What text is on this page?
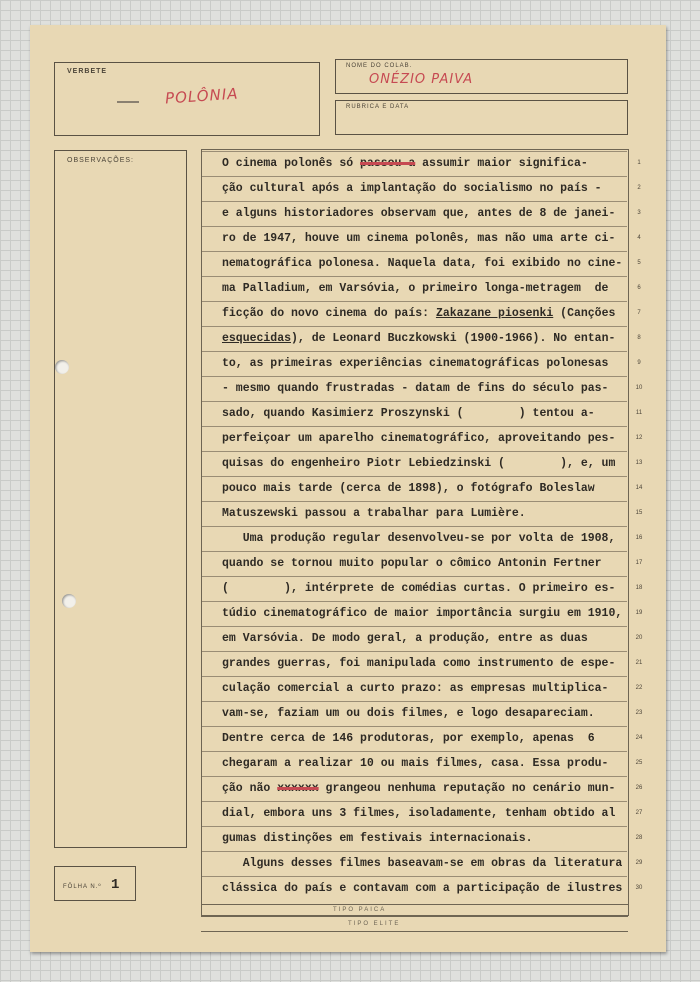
VERBETE
POLÔNIA
NOME DO COLAB.
ONÉZIO PAIVA
RUBRICA E DATA
OBSERVAÇÕES:
FÔLHA N.º 1
O cinema polonês só passou a assumir maior significa-	1
ção cultural após a implantação do socialismo no país -	2
e alguns historiadores observam que, antes de 8 de janei-	3
ro de 1947, houve um cinema polonês, mas não uma arte ci-	4
nematográfica polonesa. Naquela data, foi exibido no cine-	5
ma Palladium, em Varsóvia, o primeiro longa-metragem  de	6
ficção do novo cinema do país: Zakazane piosenki (Canções	7
esquecidas), de Leonard Buczkowski (1900-1966). No entan-	8
to, as primeiras experiências cinematográficas polonesas	9
- mesmo quando frustradas - datam de fins do século pas-	10
sado, quando Kasimierz Proszynski (        ) tentou a-	11
perfeiçoar um aparelho cinematográfico, aproveitando pes-	12
quisas do engenheiro Piotr Lebiedzinski (        ), e, um	13
pouco mais tarde (cerca de 1898), o fotógrafo Boleslaw	14
Matuszewski passou a trabalhar para Lumière.	15
Uma produção regular desenvolveu-se por volta de 1908,	16
quando se tornou muito popular o cômico Antonin Fertner	17
(        ), intérprete de comédias curtas. O primeiro es-	18
túdio cinematográfico de maior importância surgiu em 1910,	19
em Varsóvia. De modo geral, a produção, entre as duas	20
grandes guerras, foi manipulada como instrumento de espe-	21
culação comercial a curto prazo: as empresas multiplica-	22
vam-se, faziam um ou dois filmes, e logo desapareciam.	23
Dentre cerca de 146 produtoras, por exemplo, apenas  6	24
chegaram a realizar 10 ou mais filmes, casa. Essa produ-	25
ção não xxxxxx grangeou nenhuma reputação no cenário mun-	26
dial, embora uns 3 filmes, isoladamente, tenham obtido al	27
gumas distinções em festivais internacionais.	28
Alguns desses filmes baseavam-se em obras da literatura	29
clássica do país e contavam com a participação de ilustres	30
TIPO PAICA
TIPO ELITE
